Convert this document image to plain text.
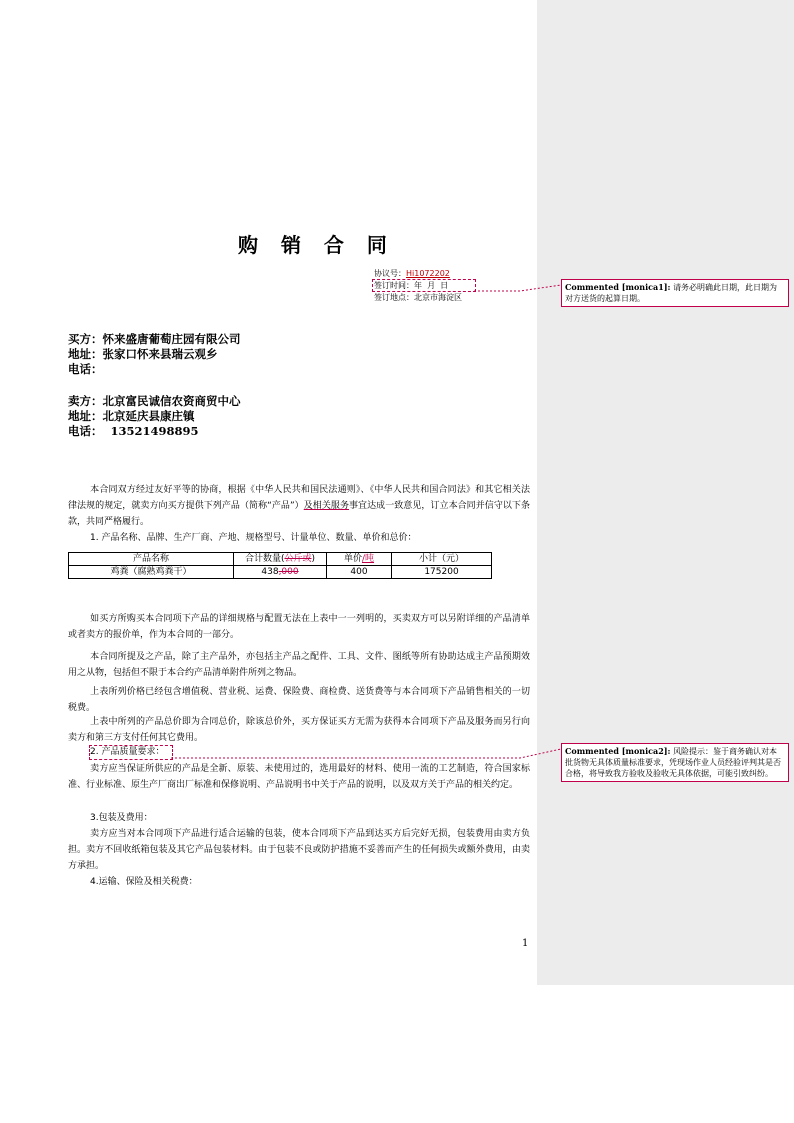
购 销 合 同
协议号：Hi1072202
签订时间：年  月  日
签订地点：北京市海淀区
买方：怀来盛唐葡萄庄园有限公司
地址：张家口怀来县瑞云观乡
电话：
卖方：北京富民诚信农资商贸中心
地址：北京延庆县康庄镇
电话：  13521498895
本合同双方经过友好平等的协商，根据《中华人民共和国民法通则》、《中华人民共和国合同法》和其它相关法律法规的规定，就卖方向买方提供下列产品（简称“产品”）及相关服务事宜达成一致意见，订立本合同并信守以下条款，共同严格履行。
1. 产品名称、品牌、生产厂商、产地、规格型号、计量单位、数量、单价和总价：
产品名称	合计数量(公斤或)	单价/吨	小计（元）
鸡粪（腐熟鸡粪干）	438,000	400	175200
如买方所购买本合同项下产品的详细规格与配置无法在上表中一一列明的，买卖双方可以另附详细的产品清单或者卖方的报价单，作为本合同的一部分。
本合同所提及之产品，除了主产品外，亦包括主产品之配件、工具、文件、图纸等所有协助达成主产品预期效用之从物，包括但不限于本合约产品清单附件所列之物品。
上表所列价格已经包含增值税、营业税、运费、保险费、商检费、送货费等与本合同项下产品销售相关的一切税费。
上表中所列的产品总价即为合同总价，除该总价外，买方保证买方无需为获得本合同项下产品及服务而另行向卖方和第三方支付任何其它费用。
2. 产品质量要求：
卖方应当保证所供应的产品是全新、原装、未使用过的，选用最好的材料、使用一流的工艺制造，符合国家标准、行业标准、原生产厂商出厂标准和保修说明、产品说明书中关于产品的说明，以及双方关于产品的相关约定。
3.包装及费用：
卖方应当对本合同项下产品进行适合运输的包装，使本合同项下产品到达买方后完好无损，包装费用由卖方负担。卖方不回收纸箱包装及其它产品包装材料。由于包装不良或防护措施不妥善而产生的任何损失或额外费用，由卖方承担。
4.运输、保险及相关税费：
1
Commented [monica1]: 请务必明确此日期，此日期为对方送货的起算日期。
Commented [monica2]: 风险提示：鉴于商务确认对本批货物无具体质量标准要求，凭现场作业人员经验评判其是否合格，将导致我方验收及验收无具体依据，可能引致纠纷。
